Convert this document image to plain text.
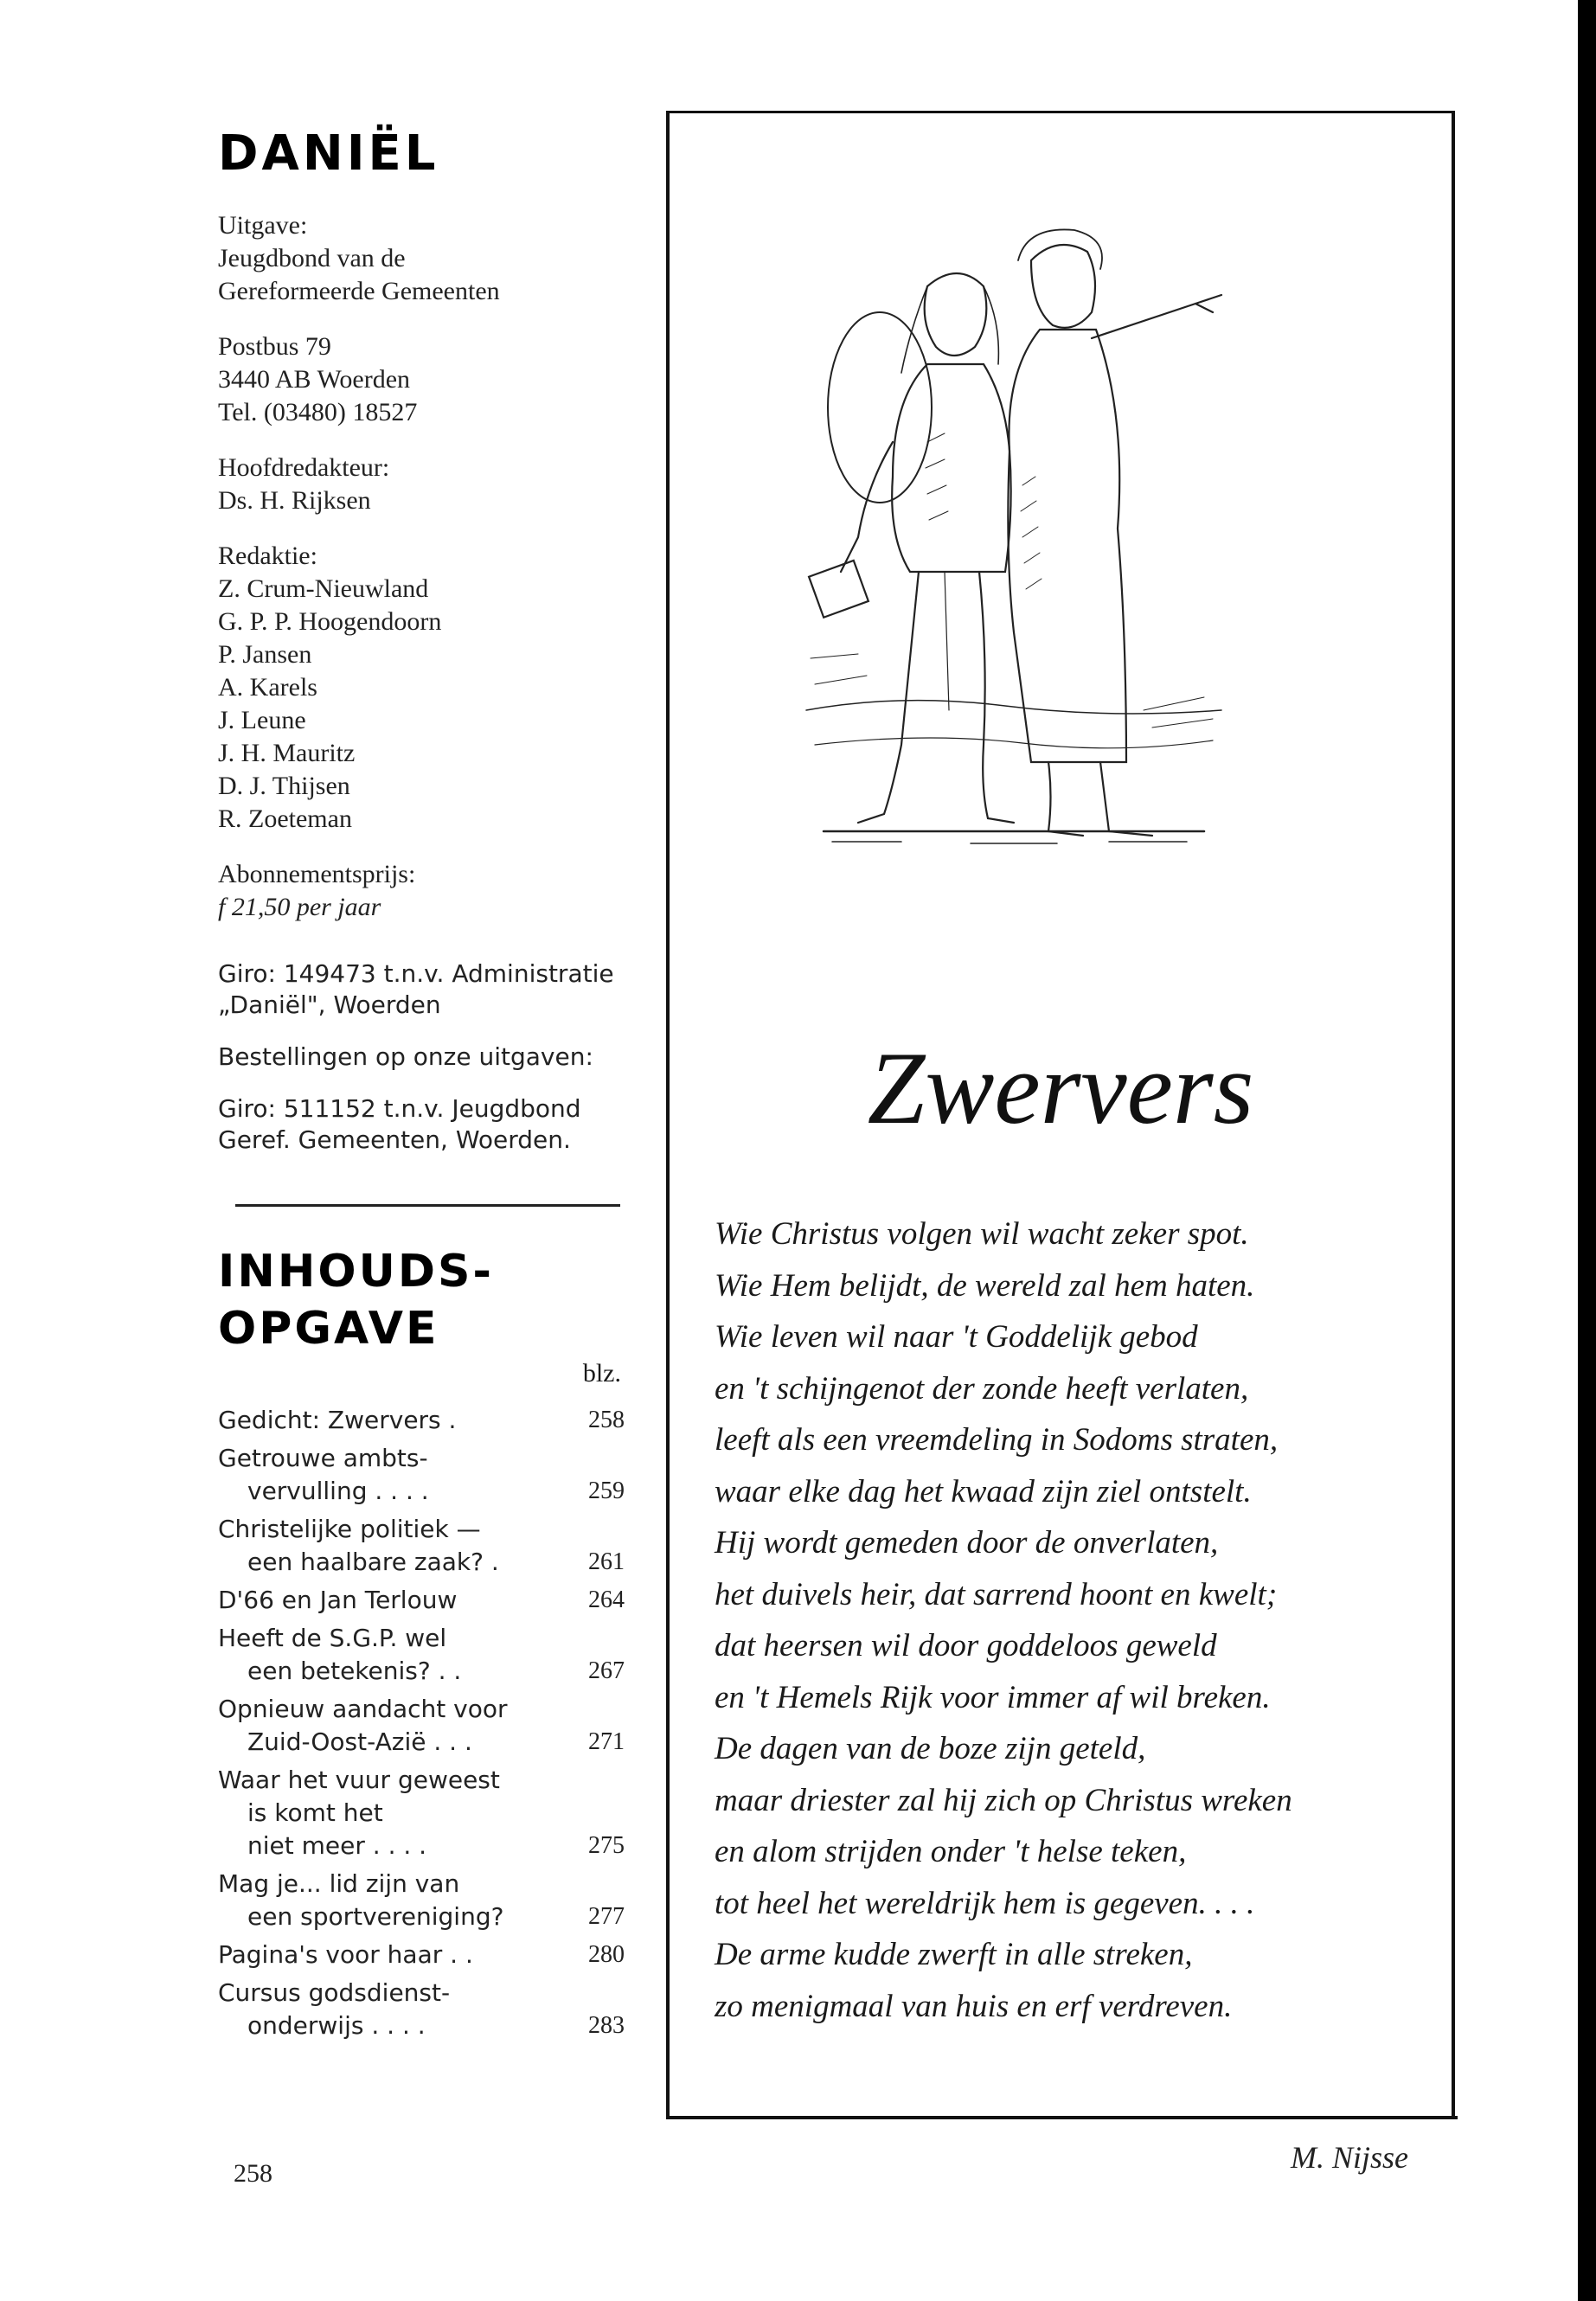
DANIËL
Uitgave:
Jeugdbond van de
Gereformeerde Gemeenten
Postbus 79
3440 AB Woerden
Tel. (03480) 18527
Hoofdredakteur:
Ds. H. Rijksen
Redaktie:
Z. Crum-Nieuwland
G. P. P. Hoogendoorn
P. Jansen
A. Karels
J. Leune
J. H. Mauritz
D. J. Thijsen
R. Zoeteman
Abonnementsprijs:
f 21,50 per jaar
Giro: 149473 t.n.v. Administratie „Daniël", Woerden
Bestellingen op onze uitgaven:
Giro: 511152 t.n.v. Jeugdbond Geref. Gemeenten, Woerden.
INHOUDS-
OPGAVE
blz.
Gedicht: Zwervers .	258
Getrouwe ambts-
vervulling . . . .	259
Christelijke politiek —
een haalbare zaak? .	261
D'66 en Jan Terlouw	264
Heeft de S.G.P. wel
een betekenis? . .	267
Opnieuw aandacht voor
Zuid-Oost-Azië . . .	271
Waar het vuur geweest
is komt het
niet meer . . . .	275
Mag je... lid zijn van
een sportvereniging?	277
Pagina's voor haar . .	280
Cursus godsdienst-
onderwijs . . . .	283
258
Zwervers
Wie Christus volgen wil wacht zeker spot.
Wie Hem belijdt, de wereld zal hem haten.
Wie leven wil naar 't Goddelijk gebod
en 't schijngenot der zonde heeft verlaten,
leeft als een vreemdeling in Sodoms straten,
waar elke dag het kwaad zijn ziel ontstelt.
Hij wordt gemeden door de onverlaten,
het duivels heir, dat sarrend hoont en kwelt;
dat heersen wil door goddeloos geweld
en 't Hemels Rijk voor immer af wil breken.
De dagen van de boze zijn geteld,
maar driester zal hij zich op Christus wreken
en alom strijden onder 't helse teken,
tot heel het wereldrijk hem is gegeven. . . .
De arme kudde zwerft in alle streken,
zo menigmaal van huis en erf verdreven.
M. Nijsse
